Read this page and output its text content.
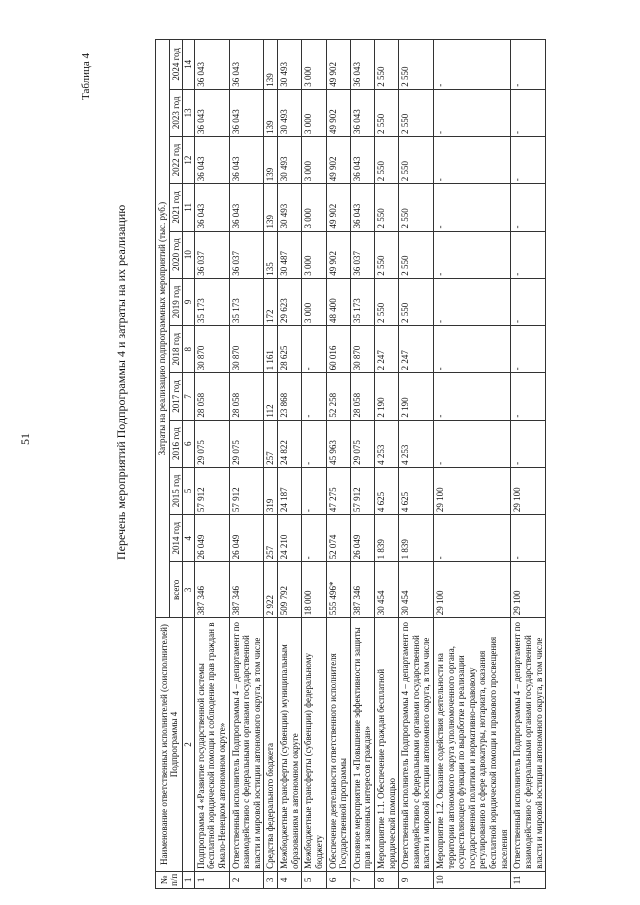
51	Перечень мероприятий Подпрограммы 4 и затраты на их реализацию
Таблица 4
№ п/п	Наименование ответственных исполнителей (соисполнителей) Подпрограммы 4	Затраты на реализацию подпрограммных мероприятий (тыс. руб.)											
		всего	2014 год	2015 год	2016 год	2017 год	2018 год	2019 год	2020 год	2021 год	2022 год	2023 год	2024 год
1	2	3	4	5	6	7	8	9	10	11	12	13	14
1	Подпрограмма 4 «Развитие государственной системы бесплатной юридической помощи и соблюдение прав граждан в Ямало-Ненецком автономном округе»	387 346	26 049	57 912	29 075	28 058	30 870	35 173	36 037	36 043	36 043	36 043	36 043
2	Ответственный исполнитель Подпрограммы 4 – департамент по взаимодействию с федеральными органами государственной власти и мировой юстиции автономного округа, в том числе	387 346	26 049	57 912	29 075	28 058	30 870	35 173	36 037	36 043	36 043	36 043	36 043
3	Средства федерального бюджета	2 922	257	319	257	112	1 161	172	135	139	139	139	139
4	Межбюджетные трансферты (субвенции) муниципальным образованиям в автономном округе	509 792	24 210	24 187	24 822	23 868	28 625	29 623	30 487	30 493	30 493	30 493	30 493
5	Межбюджетные трансферты (субвенции) федеральному бюджету	18 000	-	-	-	-	-	3 000	3 000	3 000	3 000	3 000	3 000
6	Обеспечение деятельности ответственного исполнителя Государственной программы	555 496*	52 074	47 275	45 963	52 258	60 016	48 400	49 902	49 902	49 902	49 902	49 902
7	Основное мероприятие 1 «Повышение эффективности защиты прав и законных интересов граждан»	387 346	26 049	57 912	29 075	28 058	30 870	35 173	36 037	36 043	36 043	36 043	36 043
8	Мероприятие 1.1. Обеспечение граждан бесплатной юридической помощью	30 454	1 839	4 625	4 253	2 190	2 247	2 550	2 550	2 550	2 550	2 550	2 550
9	Ответственный исполнитель Подпрограммы 4 – департамент по взаимодействию с федеральными органами государственной власти и мировой юстиции автономного округа, в том числе	30 454	1 839	4 625	4 253	2 190	2 247	2 550	2 550	2 550	2 550	2 550	2 550
10	Мероприятие 1.2. Оказание содействия деятельности на территории автономного округа уполномоченного органа, осуществляющего функции по выработке и реализации государственной политики и нормативно-правовому регулированию в сфере адвокатуры, нотариата, оказания бесплатной юридической помощи и правового просвещения населения	29 100	-	29 100	-	-	-	-	-	-	-	-	-
11	Ответственный исполнитель Подпрограммы 4 – департамент по взаимодействию с федеральными органами государственной власти и мировой юстиции автономного округа, в том числе	29 100	-	29 100	-	-	-	-	-	-	-	-	-
